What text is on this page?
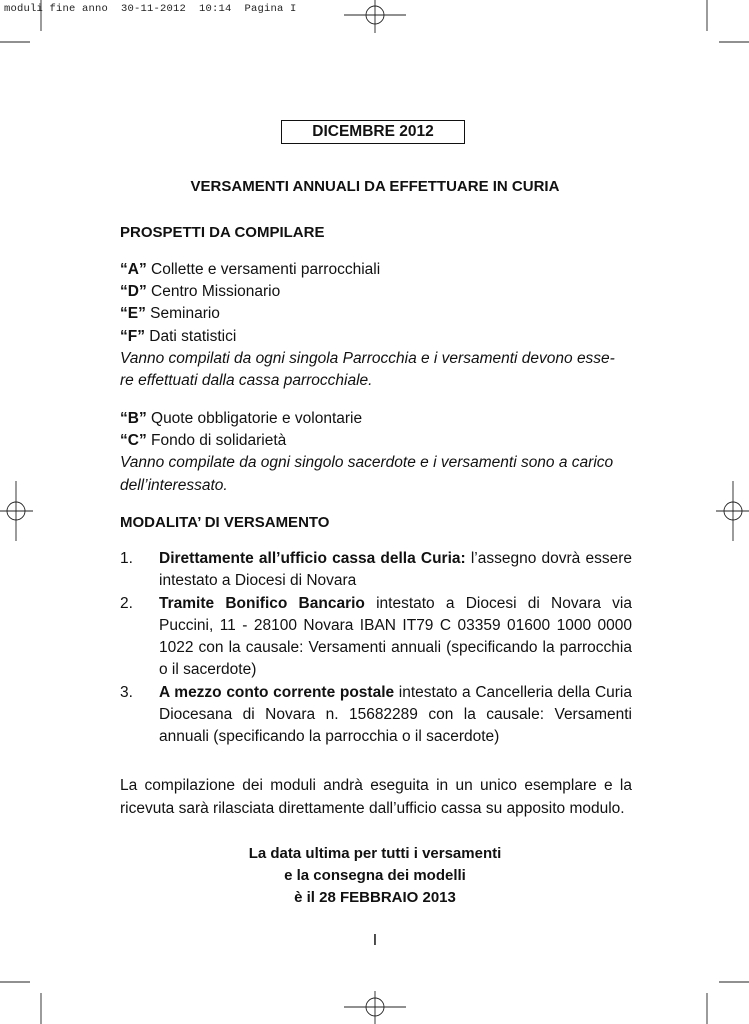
moduli fine anno  30-11-2012  10:14  Pagina I
DICEMBRE 2012
VERSAMENTI ANNUALI DA EFFETTUARE IN CURIA
PROSPETTI DA COMPILARE

“A” Collette e versamenti parrocchiali

“D” Centro Missionario

“E” Seminario

“F” Dati statistici

Vanno compilati da ogni singola Parrocchia e i versamenti devono esse-

re effettuati dalla cassa parrocchiale.

“B” Quote obbligatorie e volontarie

“C” Fondo di solidarietà

Vanno compilate da ogni singolo sacerdote e i versamenti sono a carico

dell’interessato.

MODALITA’ DI VERSAMENTO
1.	Direttamente all’ufficio cassa della Curia: l’assegno dovrà essere intestato a Diocesi di Novara
2.	Tramite Bonifico Bancario intestato a Diocesi di Novara via Puccini, 11 - 28100 Novara IBAN IT79 C 03359 01600 1000 0000 1022 con la causale: Versamenti annuali (specificando la parrocchia o il sacerdote)
3.	A mezzo conto corrente postale intestato a Cancelleria della Curia Diocesana di Novara n. 15682289 con la causale: Versamenti annuali (specificando la parrocchia o il sacerdote)
La compilazione dei moduli andrà eseguita in un unico esemplare e la ricevuta sarà rilasciata direttamente dall’ufficio cassa su apposito modulo.
La data ultima per tutti i versamenti
e la consegna dei modelli
è il 28 FEBBRAIO 2013
I
